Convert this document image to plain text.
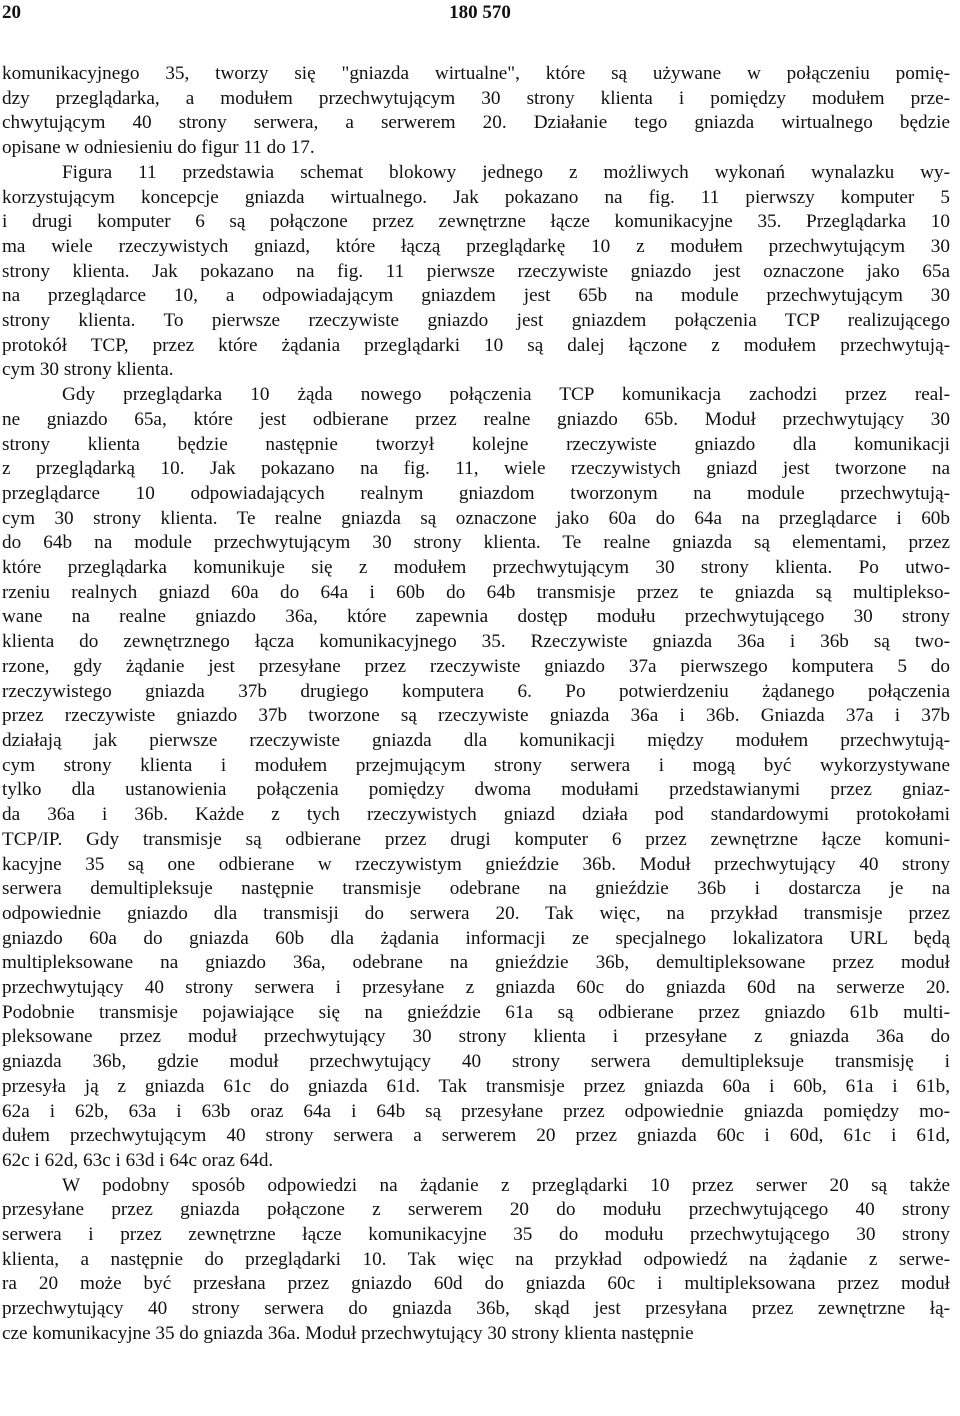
20	180 570

komunikacyjnego 35, tworzy się "gniazda wirtualne", które są używane w połączeniu pomię-
dzy przeglądarka, a modułem przechwytującym 30 strony klienta i pomiędzy modułem prze-
chwytującym 40 strony serwera, a serwerem 20. Działanie tego gniazda wirtualnego będzie
opisane w odniesieniu do figur 11 do 17.

Figura 11 przedstawia schemat blokowy jednego z możliwych wykonań wynalazku wy-
korzystującym koncepcje gniazda wirtualnego. Jak pokazano na fig. 11 pierwszy komputer 5
i drugi komputer 6 są połączone przez zewnętrzne łącze komunikacyjne 35. Przeglądarka 10
ma wiele rzeczywistych gniazd, które łączą przeglądarkę 10 z modułem przechwytującym 30
strony klienta. Jak pokazano na fig. 11 pierwsze rzeczywiste gniazdo jest oznaczone jako 65a
na przeglądarce 10, a odpowiadającym gniazdem jest 65b na module przechwytującym 30
strony klienta. To pierwsze rzeczywiste gniazdo jest gniazdem połączenia TCP realizującego
protokół TCP, przez które żądania przeglądarki 10 są dalej łączone z modułem przechwytują-
cym 30 strony klienta.

Gdy przeglądarka 10 żąda nowego połączenia TCP komunikacja zachodzi przez real-
ne gniazdo 65a, które jest odbierane przez realne gniazdo 65b. Moduł przechwytujący 30
strony klienta będzie następnie tworzył kolejne rzeczywiste gniazdo dla komunikacji
z przeglądarką 10. Jak pokazano na fig. 11, wiele rzeczywistych gniazd jest tworzone na
przeglądarce 10 odpowiadających realnym gniazdom tworzonym na module przechwytują-
cym 30 strony klienta. Te realne gniazda są oznaczone jako 60a do 64a na przeglądarce i 60b
do 64b na module przechwytującym 30 strony klienta. Te realne gniazda są elementami, przez
które przeglądarka komunikuje się z modułem przechwytującym 30 strony klienta. Po utwo-
rzeniu realnych gniazd 60a do 64a i 60b do 64b transmisje przez te gniazda są multipleksо-
wane na realne gniazdo 36a, które zapewnia dostęp modułu przechwytującego 30 strony
klienta do zewnętrznego łącza komunikacyjnego 35. Rzeczywiste gniazda 36a i 36b są two-
rzone, gdy żądanie jest przesyłane przez rzeczywiste gniazdo 37a pierwszego komputera 5 do
rzeczywistego gniazda 37b drugiego komputera 6. Po potwierdzeniu żądanego połączenia
przez rzeczywiste gniazdo 37b tworzone są rzeczywiste gniazda 36a i 36b. Gniazda 37a i 37b
działają jak pierwsze rzeczywiste gniazda dla komunikacji między modułem przechwytują-
cym strony klienta i modułem przejmującym strony serwera i mogą być wykorzystywane
tylko dla ustanowienia połączenia pomiędzy dwoma modułami przedstawianymi przez gniaz-
da 36a i 36b. Każde z tych rzeczywistych gniazd działa pod standardowymi protokołami
TCP/IP. Gdy transmisje są odbierane przez drugi komputer 6 przez zewnętrzne łącze komuni-
kacyjne 35 są one odbierane w rzeczywistym gnieździe 36b. Moduł przechwytujący 40 strony
serwera demultipleksuje następnie transmisje odebrane na gnieździe 36b i dostarcza je na
odpowiednie gniazdo dla transmisji do serwera 20. Tak więc, na przykład transmisje przez
gniazdo 60a do gniazda 60b dla żądania informacji ze specjalnego lokalizatora URL będą
multipleksowane na gniazdo 36a, odebrane na gnieździe 36b, demultipleksowane przez moduł
przechwytujący 40 strony serwera i przesyłane z gniazda 60c do gniazda 60d na serwerze 20.
Podobnie transmisje pojawiające się na gnieździe 61a są odbierane przez gniazdo 61b multi-
pleksowane przez moduł przechwytujący 30 strony klienta i przesyłane z gniazda 36a do
gniazda 36b, gdzie moduł przechwytujący 40 strony serwera demultipleksuje transmisję i
przesyła ją z gniazda 61c do gniazda 61d. Tak transmisje przez gniazda 60a i 60b, 61a i 61b,
62a i 62b, 63a i 63b oraz 64a i 64b są przesyłane przez odpowiednie gniazda pomiędzy mo-
dułem przechwytującym 40 strony serwera a serwerem 20 przez gniazda 60c i 60d, 61c i 61d,
62c i 62d, 63c i 63d i 64c oraz 64d.

W podobny sposób odpowiedzi na żądanie z przeglądarki 10 przez serwer 20 są także
przesyłane przez gniazda połączone z serwerem 20 do modułu przechwytującego 40 strony
serwera i przez zewnętrzne łącze komunikacyjne 35 do modułu przechwytującego 30 strony
klienta, a następnie do przeglądarki 10. Tak więc na przykład odpowiedź na żądanie z serwe-
ra 20 może być przesłana przez gniazdo 60d do gniazda 60c i multipleksowana przez moduł
przechwytujący 40 strony serwera do gniazda 36b, skąd jest przesyłana przez zewnętrzne łą-
cze komunikacyjne 35 do gniazda 36a. Moduł przechwytujący 30 strony klienta następnie
